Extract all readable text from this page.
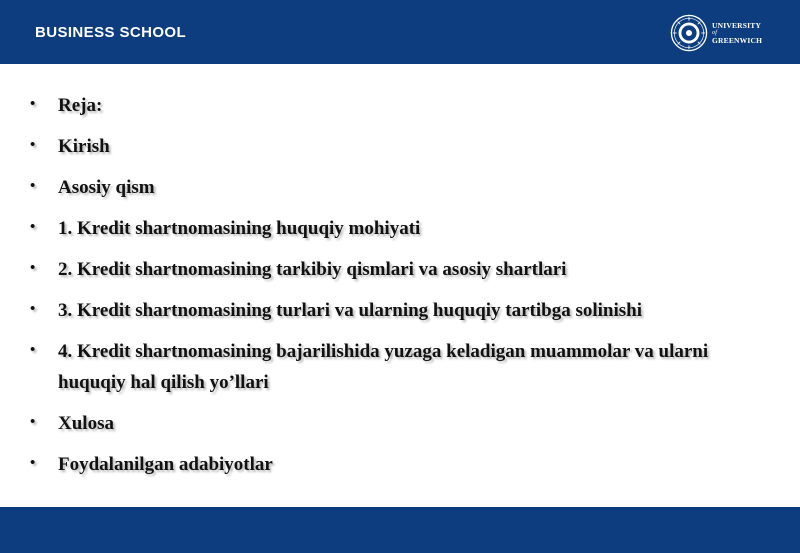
BUSINESS SCHOOL	UNIVERSITY
of
GREENWICH
• Reja:
• Kirish
• Asosiy qism
• 1. Kredit shartnomasining huquqiy mohiyati
• 2. Kredit shartnomasining tarkibiy qismlari va asosiy shartlari
• 3. Kredit shartnomasining turlari va ularning huquqiy tartibga solinishi
• 4. Kredit shartnomasining bajarilishida yuzaga keladigan muammolar va ularni huquqiy hal qilish yo’llari
• Xulosa
• Foydalanilgan adabiyotlar
